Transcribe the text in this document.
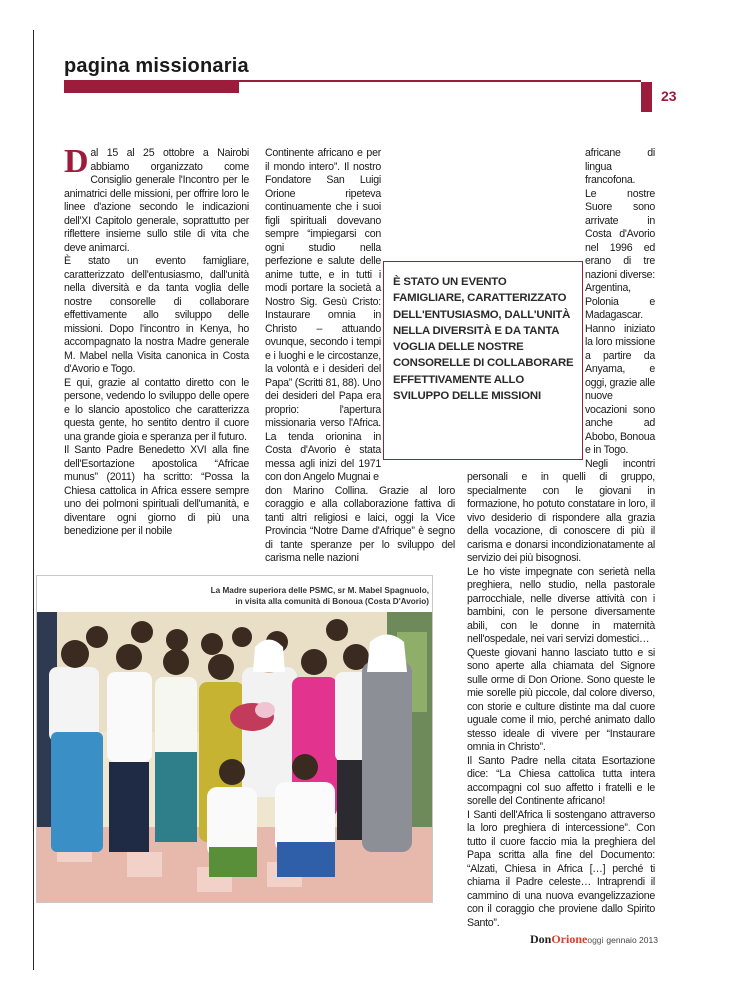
pagina missionaria
23

Dal 15 al 25 ottobre a Nairobi abbiamo organizzato come Consiglio generale l'Incontro per le animatrici delle missioni, per offrire loro le linee d'azione secondo le indicazioni dell'XI Capitolo generale, soprattutto per riflettere insieme sullo stile di vita che deve animarci.

È stato un evento famigliare, caratterizzato dell'entusiasmo, dall'unità nella diversità e da tanta voglia delle nostre consorelle di collaborare effettivamente allo sviluppo delle missioni. Dopo l'incontro in Kenya, ho accompagnato la nostra Madre generale M. Mabel nella Visita canonica in Costa d'Avorio e Togo.

E qui, grazie al contatto diretto con le persone, vedendo lo sviluppo delle opere e lo slancio apostolico che caratterizza questa gente, ho sentito dentro il cuore una grande gioia e speranza per il futuro.

Il Santo Padre Benedetto XVI alla fine dell'Esortazione apostolica “Africae munus” (2011) ha scritto: “Possa la Chiesa cattolica in Africa essere sempre uno dei polmoni spirituali dell'umanità, e diventare ogni giorno di più una benedizione per il nobile

Continente africano e per il mondo intero”. Il nostro Fondatore San Luigi Orione ripeteva continuamente che i suoi figli spirituali dovevano sempre “impiegarsi con ogni studio nella perfezione e salute delle anime tutte, e in tutti i modi portare la società a Nostro Sig. Gesù Cristo: Instaurare omnia in Christo – attuando ovunque, secondo i tempi e i luoghi e le circostanze, la volontà e i desideri del Papa” (Scritti 81, 88). Uno dei desideri del Papa era proprio: l'apertura missionaria verso l'Africa. La tenda orionina in Costa d'Avorio è stata messa agli inizi del 1971 con don Angelo Mugnai e

don Marino Collina. Grazie al loro coraggio e alla collaborazione fattiva di tanti altri religiosi e laici, oggi la Vice Provincia “Notre Dame d'Afrique” è segno di tante speranze per lo sviluppo del carisma nelle nazioni

africane di lingua francofona.

Le nostre Suore sono arrivate in Costa d'Avorio nel 1996 ed erano di tre nazioni diverse: Argentina, Polonia e Madagascar. Hanno iniziato la loro missione a partire da Anyama, e oggi, grazie alle nuove vocazioni sono anche ad Abobo, Bonoua e in Togo.

Negli incontri personali e in quelli di gruppo, specialmente con le giovani in formazione, ho potuto constatare in loro, il vivo desiderio di rispondere alla grazia della vocazione, di conoscere di più il carisma e donarsi incondizionatamente al servizio dei più bisognosi.

Le ho viste impegnate con serietà nella preghiera, nello studio, nella pastorale parrocchiale, nelle diverse attività con i bambini, con le persone diversamente abili, con le donne in maternità nell'ospedale, nei vari servizi domestici…

Queste giovani hanno lasciato tutto e si sono aperte alla chiamata del Signore sulle orme di Don Orione. Sono queste le mie sorelle più piccole, dal colore diverso, con storie e culture distinte ma dal cuore uguale come il mio, perché animato dallo stesso ideale di vivere per “Instaurare omnia in Christo”.

Il Santo Padre nella citata Esortazione dice: “La Chiesa cattolica tutta intera accompagni col suo affetto i fratelli e le sorelle del Continente africano!

I Santi dell'Africa li sostengano attraverso la loro preghiera di intercessione”. Con tutto il cuore faccio mia la preghiera del Papa scritta alla fine del Documento: “Alzati, Chiesa in Africa […] perché ti chiama il Padre celeste… Intraprendi il cammino di una nuova evangelizzazione con il coraggio che proviene dallo Spirito Santo”.

È STATO UN EVENTO FAMIGLIARE, CARATTERIZZATO DELL'ENTUSIASMO, DALL'UNITÀ NELLA DIVERSITÀ E DA TANTA VOGLIA DELLE NOSTRE CONSORELLE DI COLLABORARE EFFETTIVAMENTE ALLO SVILUPPO DELLE MISSIONI
La Madre superiora delle PSMC, sr M. Mabel Spagnuolo,
in visita alla comunità di Bonoua (Costa D'Avorio)
DonOrioneoggi gennaio 2013
